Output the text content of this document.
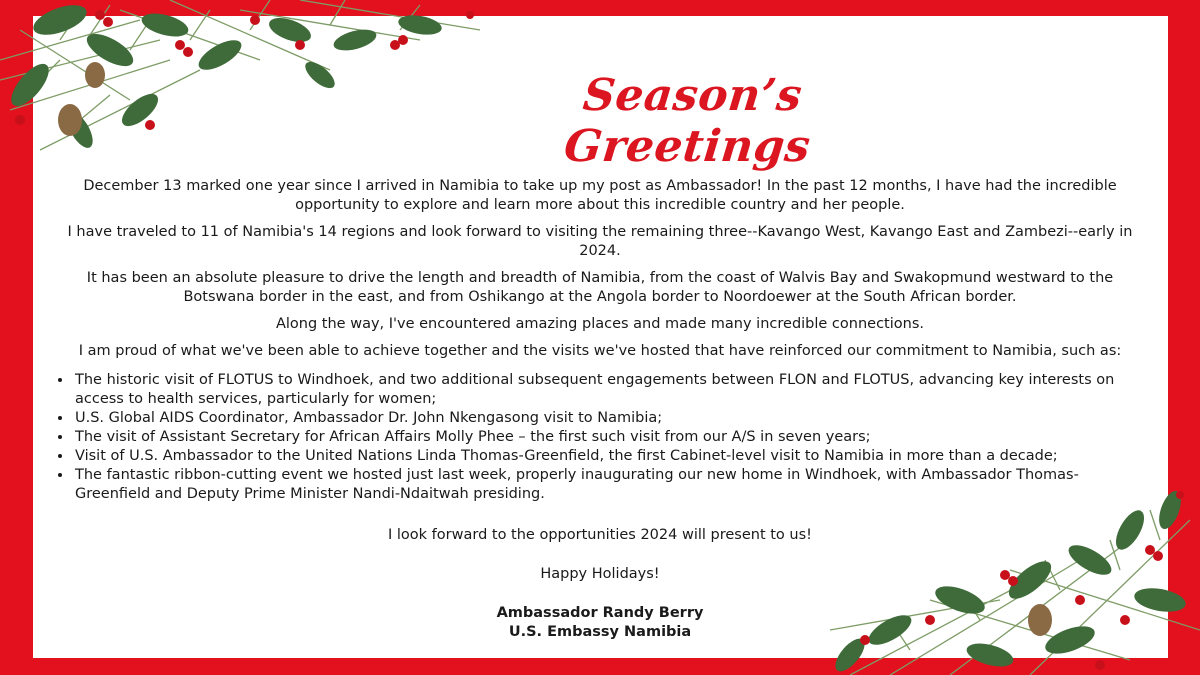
Season’s Greetings

December 13 marked one year since I arrived in Namibia to take up my post as Ambassador! In the past 12 months, I have had the incredible opportunity to explore and learn more about this incredible country and her people.

I have traveled to 11 of Namibia's 14 regions and look forward to visiting the remaining three--Kavango West, Kavango East and Zambezi--early in 2024.

It has been an absolute pleasure to drive the length and breadth of Namibia, from the coast of Walvis Bay and Swakopmund westward to the Botswana border in the east, and from Oshikango at the Angola border to Noordoewer at the South African border.

Along the way, I've encountered amazing places and made many incredible connections.

I am proud of what we've been able to achieve together and the visits we've hosted that have reinforced our commitment to Namibia, such as:

• The historic visit of FLOTUS to Windhoek, and two additional subsequent engagements between FLON and FLOTUS, advancing key interests on access to health services, particularly for women;
• U.S. Global AIDS Coordinator, Ambassador Dr. John Nkengasong visit to Namibia;
• The visit of Assistant Secretary for African Affairs Molly Phee – the first such visit from our A/S in seven years;
• Visit of U.S. Ambassador to the United Nations Linda Thomas-Greenfield, the first Cabinet-level visit to Namibia in more than a decade;
• The fantastic ribbon-cutting event we hosted just last week, properly inaugurating our new home in Windhoek, with Ambassador Thomas-Greenfield and Deputy Prime Minister Nandi-Ndaitwah presiding.

I look forward to the opportunities 2024 will present to us!

Happy Holidays!

Ambassador Randy Berry
U.S. Embassy Namibia
